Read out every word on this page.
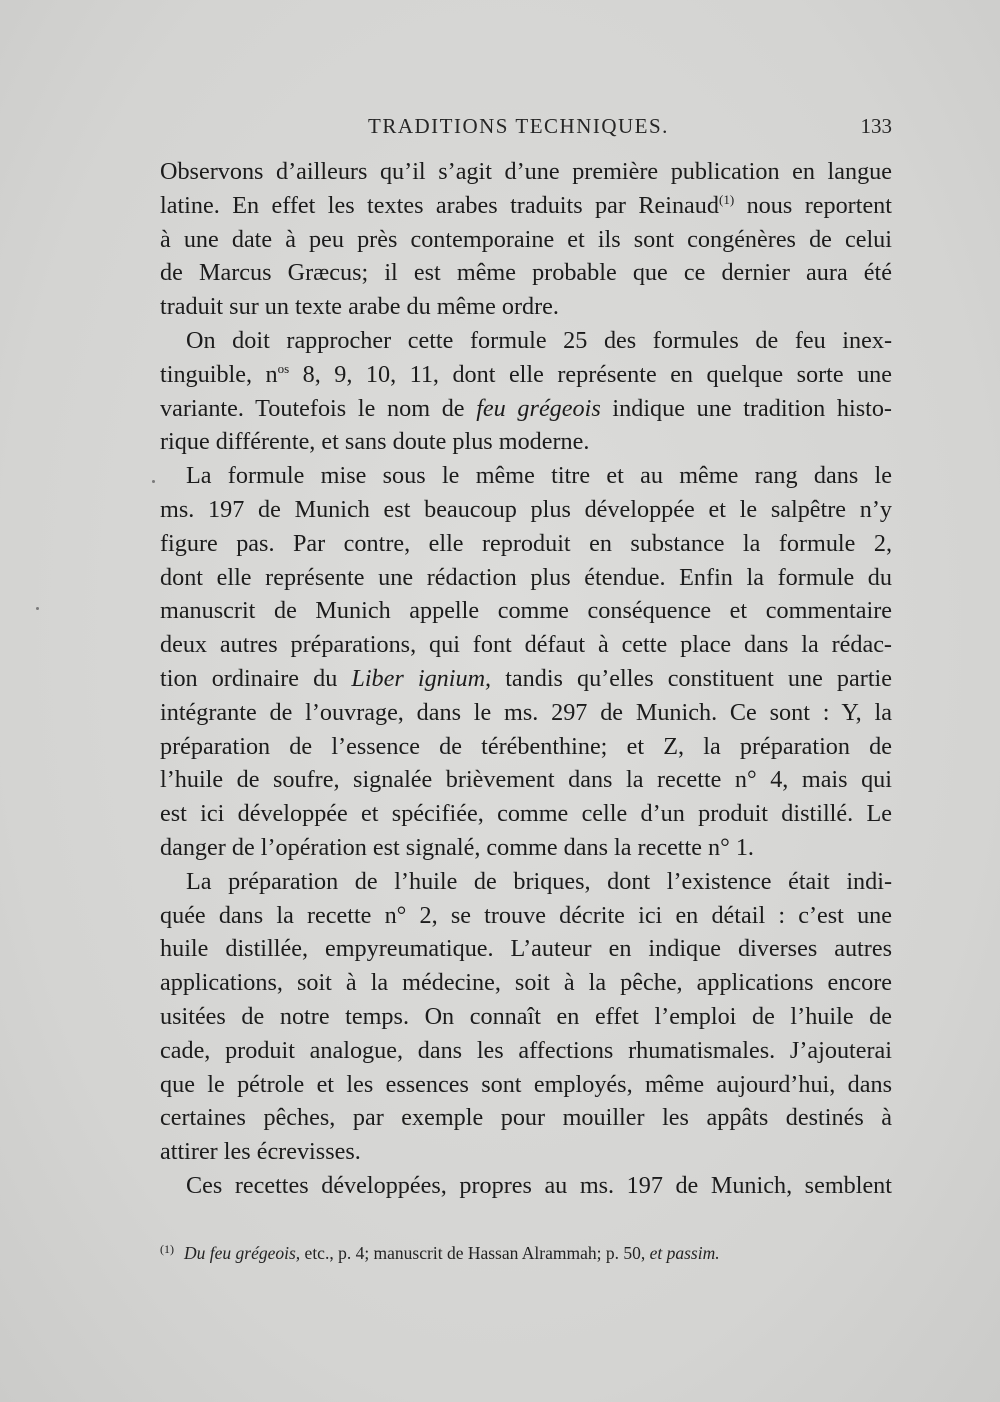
TRADITIONS TECHNIQUES.	133

Observons d’ailleurs qu’il s’agit d’une première publication en langue
latine. En effet les textes arabes traduits par Reinaud$^{(1)}$ nous reportent
à une date à peu près contemporaine et ils sont congénères de celui
de Marcus Græcus; il est même probable que ce dernier aura été
traduit sur un texte arabe du même ordre.

On doit rapprocher cette formule 25 des formules de feu inex-
tinguible, $n^{os}$ 8, 9, 10, 11, dont elle représente en quelque sorte une
variante. Toutefois le nom de feu grégeois indique une tradition histo-
rique différente, et sans doute plus moderne.

La formule mise sous le même titre et au même rang dans le
ms. 197 de Munich est beaucoup plus développée et le salpêtre n’y
figure pas. Par contre, elle reproduit en substance la formule 2,
dont elle représente une rédaction plus étendue. Enfin la formule du
manuscrit de Munich appelle comme conséquence et commentaire
deux autres préparations, qui font défaut à cette place dans la rédac-
tion ordinaire du Liber ignium, tandis qu’elles constituent une partie
intégrante de l’ouvrage, dans le ms. 297 de Munich. Ce sont : Y, la
préparation de l’essence de térébenthine; et Z, la préparation de
l’huile de soufre, signalée brièvement dans la recette n° 4, mais qui
est ici développée et spécifiée, comme celle d’un produit distillé. Le
danger de l’opération est signalé, comme dans la recette n° 1.

La préparation de l’huile de briques, dont l’existence était indi-
quée dans la recette n° 2, se trouve décrite ici en détail : c’est une
huile distillée, empyreumatique. L’auteur en indique diverses autres
applications, soit à la médecine, soit à la pêche, applications encore
usitées de notre temps. On connaît en effet l’emploi de l’huile de
cade, produit analogue, dans les affections rhumatismales. J’ajouterai
que le pétrole et les essences sont employés, même aujourd’hui, dans
certaines pêches, par exemple pour mouiller les appâts destinés à
attirer les écrevisses.

Ces recettes développées, propres au ms. 197 de Munich, semblent

$^{(1)}$ Du feu grégeois, etc., p. 4; manuscrit de Hassan Alrammah; p. 50, et passim.
